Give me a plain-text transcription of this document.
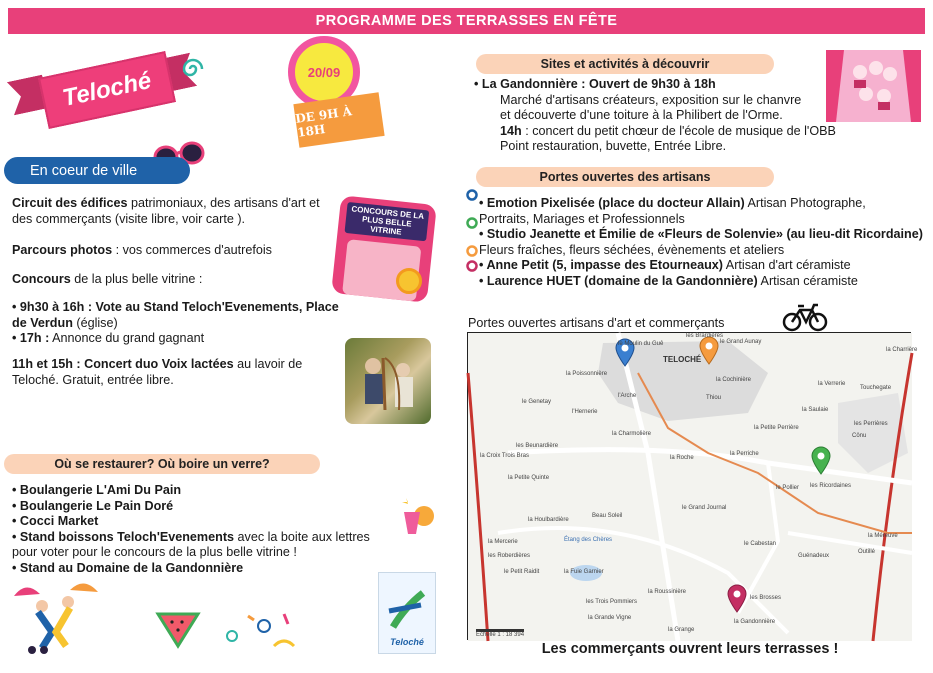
PROGRAMME DES TERRASSES EN FÊTE
Teloché	20/09
DE 9H À 18H
En coeur de ville
Circuit des édifices patrimoniaux, des artisans d'art et des commerçants (visite libre, voir carte ).
Parcours photos : vos commerces d'autrefois
Concours de la plus belle vitrine :
• 9h30 à 16h : Vote au Stand Teloch'Evenements, Place de Verdun (église)
• 17h : Annonce du grand gagnant
11h et 15h : Concert duo Voix lactées au lavoir de Teloché. Gratuit, entrée libre.
CONCOURS DE LA PLUS BELLE VITRINE
Où se restaurer? Où boire un verre?
• Boulangerie L'Ami Du Pain
• Boulangerie Le Pain Doré
• Cocci Market
• Stand boissons Teloch'Evenements avec la boite aux lettres pour voter pour le concours de la plus belle vitrine !
• Stand au Domaine de la Gandonnière
Teloché
Sites et activités à découvrir
• La Gandonnière : Ouvert de 9h30 à 18h
Marché d'artisans créateurs, exposition sur le chanvre
et découverte d'une toiture à la Philibert de l'Orme.
14h : concert du petit chœur de l'école de musique de l'OBB
Point restauration, buvette, Entrée Libre.
Portes ouvertes des artisans
• Emotion Pixelisée (place du docteur Allain) Artisan Photographe,
Portraits, Mariages et Professionnels
• Studio Jeanette et Émilie de «Fleurs de Solenvie» (au lieu-dit Ricordaine)
Fleurs fraîches, fleurs séchées, évènements et ateliers
• Anne Petit (5, impasse des Etourneaux) Artisan d'art céramiste
• Laurence HUET (domaine de la Gandonnière) Artisan céramiste
Portes ouvertes artisans d'art et commerçants
TELOCHÉ
le Moulin du Guê
les Brardières
le Grand Aunay
la Charrière
la Poissonnière
la Cochinière
la Verrerie
Touchegate
le Genetay
l'Hernerie
l'Arche	Thiou
la Saulaie
la Petite Perrière
les Perrières
Cônu
les Beunardière
la Charmolière
la Croix Trois Bras	la Roche
la Perriche
la Petite Quinte
le Pollier les Ricordaines
le Grand Journal
la Houlbardière
Beau Soleil
la Mercerie
les Roberdières
Étang des Chères
le Petit Raidit	la Fuie Garnier
le Cabestan
Guénadeux
Outillé
la Méreuve
la Roussinière
les Brosses
la Gandonnière
la Grange
la Grande Vigne
les Trois Pommiers
Échelle 1 : 18 394
Les commerçants ouvrent leurs terrasses !
